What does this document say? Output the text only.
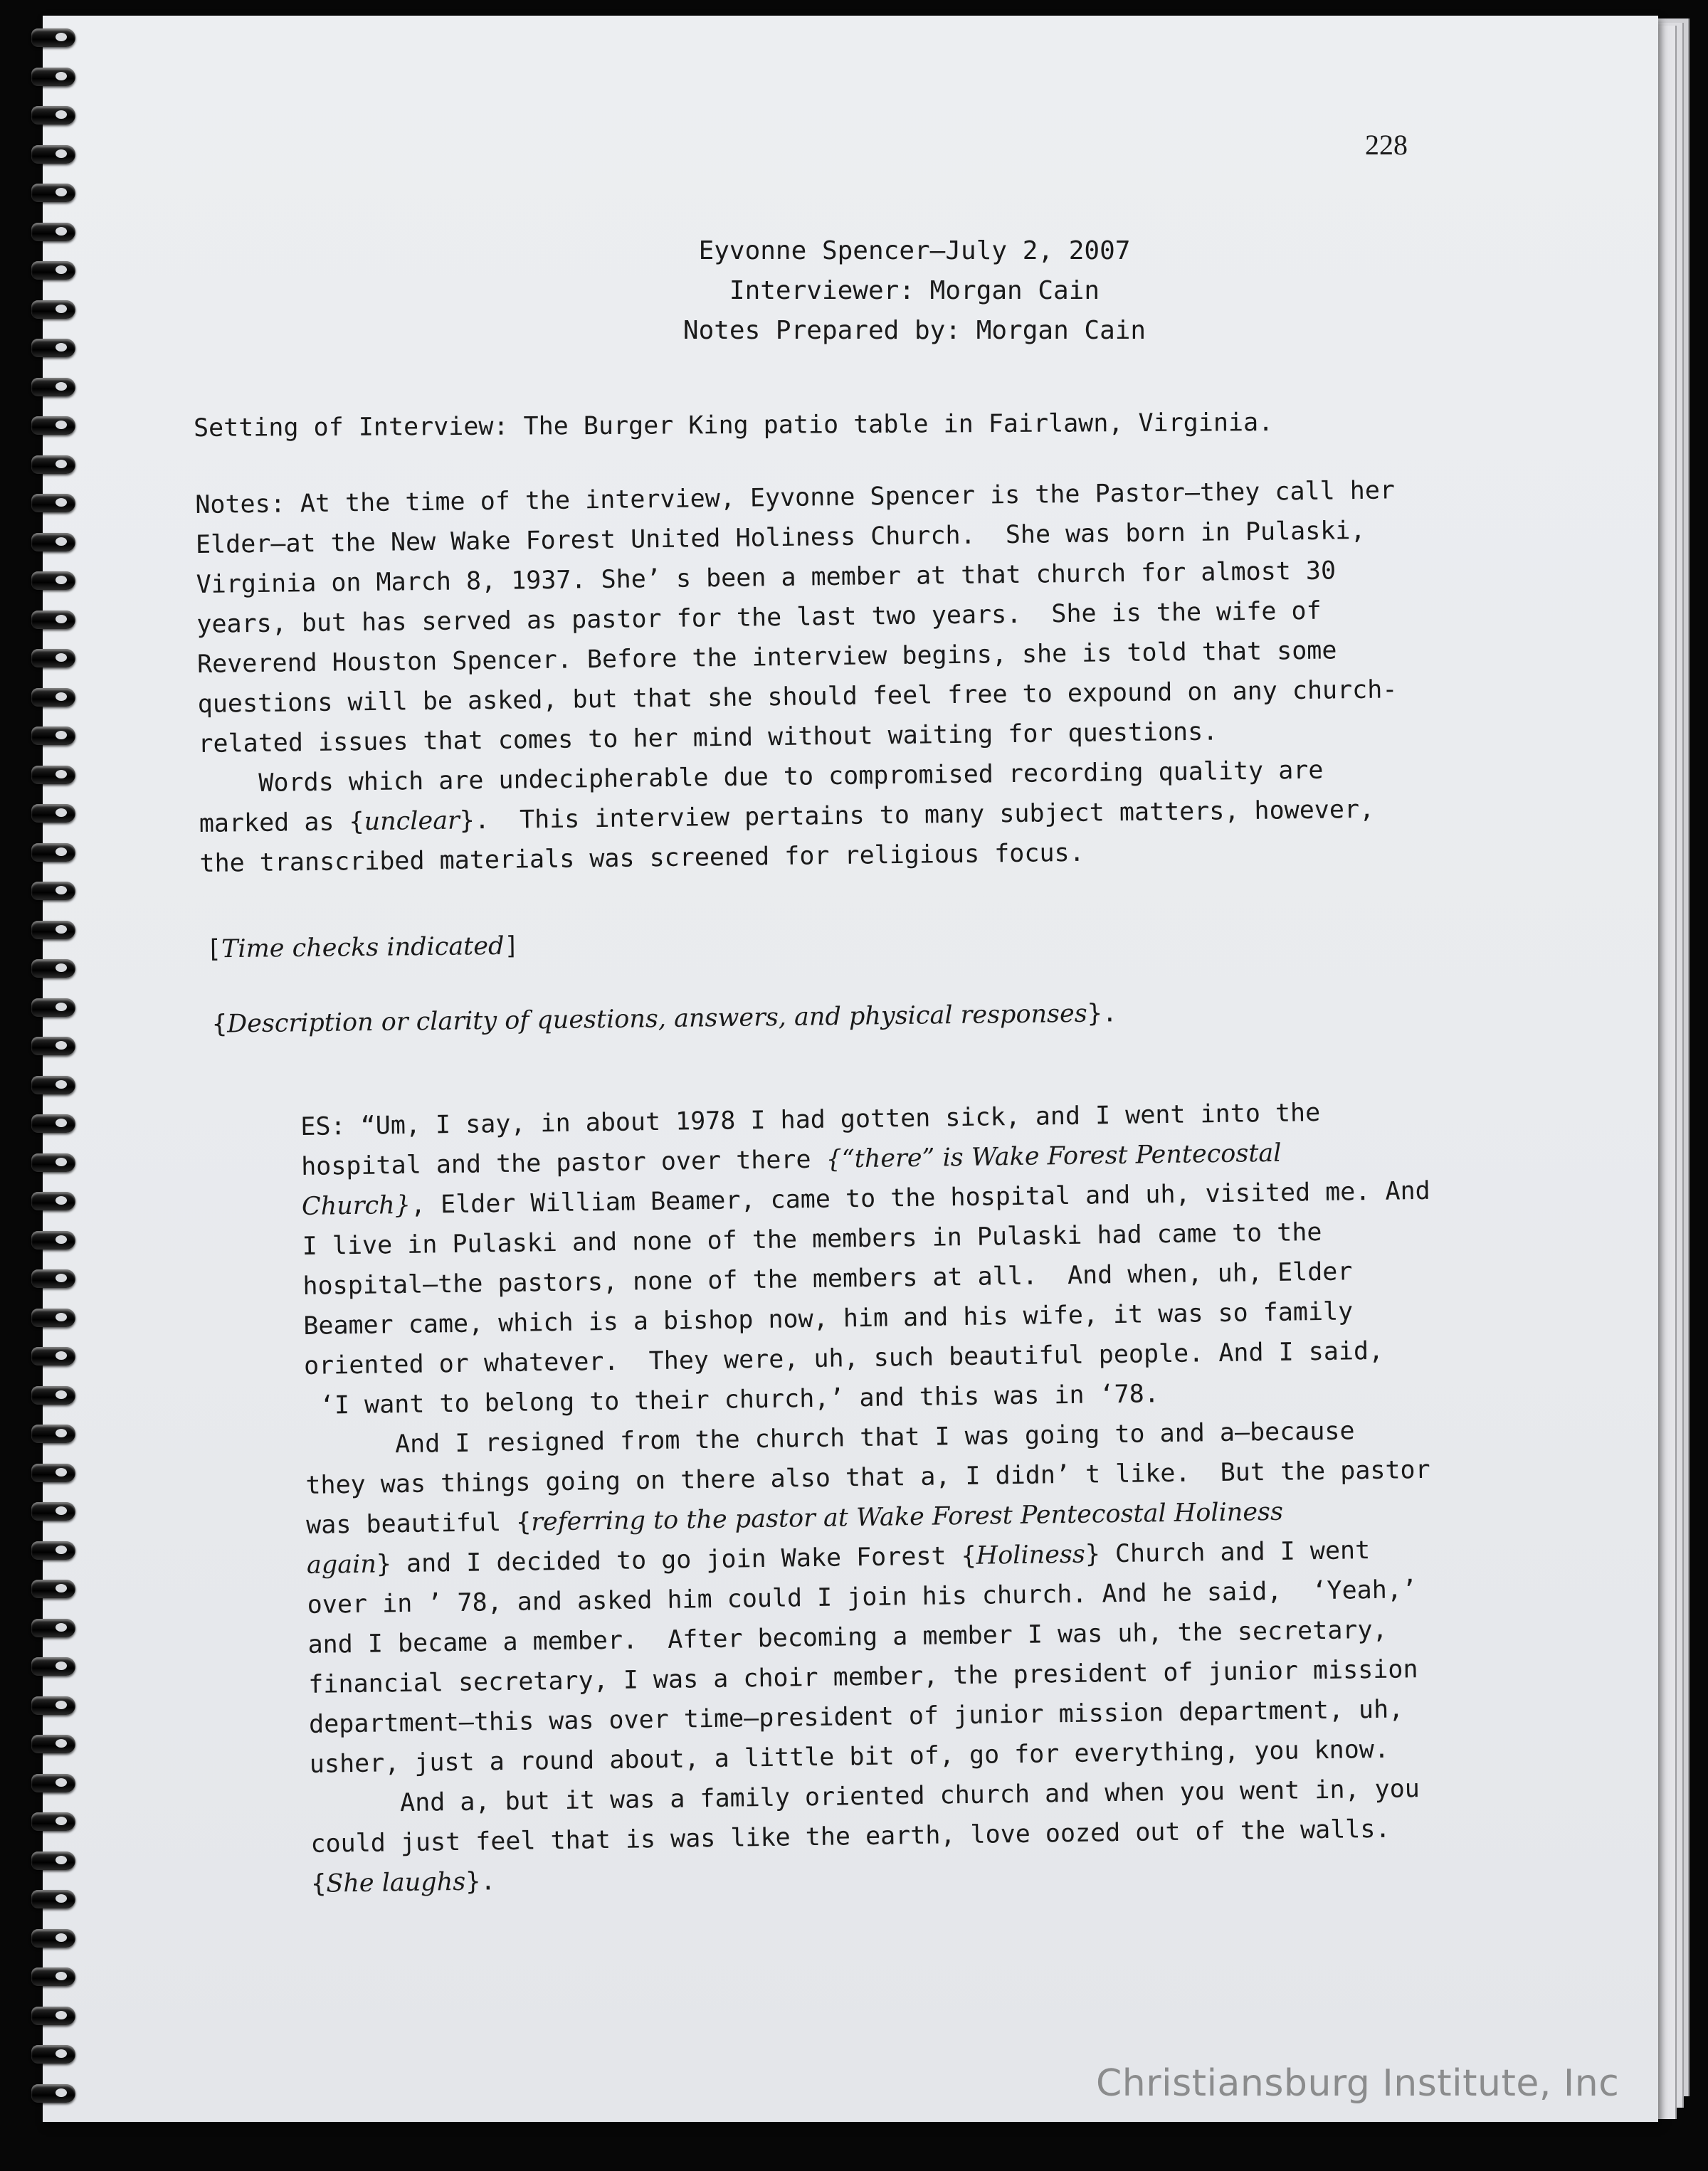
228
Eyvonne Spencer—July 2, 2007
Interviewer: Morgan Cain
Notes Prepared by: Morgan Cain
Setting of Interview: The Burger King patio table in Fairlawn, Virginia.
Notes: At the time of the interview, Eyvonne Spencer is the Pastor—they call her
Elder—at the New Wake Forest United Holiness Church.  She was born in Pulaski,
Virginia on March 8, 1937. She’ s been a member at that church for almost 30
years, but has served as pastor for the last two years.  She is the wife of
Reverend Houston Spencer. Before the interview begins, she is told that some
questions will be asked, but that she should feel free to expound on any church-
related issues that comes to her mind without waiting for questions.
Words which are undecipherable due to compromised recording quality are
marked as {unclear}.  This interview pertains to many subject matters, however,
the transcribed materials was screened for religious focus.
[Time checks indicated]
{Description or clarity of questions, answers, and physical responses}.
ES: “Um, I say, in about 1978 I had gotten sick, and I went into the
hospital and the pastor over there {“there” is Wake Forest Pentecostal
Church}, Elder William Beamer, came to the hospital and uh, visited me. And
I live in Pulaski and none of the members in Pulaski had came to the
hospital—the pastors, none of the members at all.  And when, uh, Elder
Beamer came, which is a bishop now, him and his wife, it was so family
oriented or whatever.  They were, uh, such beautiful people. And I said,
‘I want to belong to their church,’ and this was in ‘78.
And I resigned from the church that I was going to and a—because
they was things going on there also that a, I didn’ t like.  But the pastor
was beautiful {referring to the pastor at Wake Forest Pentecostal Holiness
again} and I decided to go join Wake Forest {Holiness} Church and I went
over in ’ 78, and asked him could I join his church. And he said,  ‘Yeah,’
and I became a member.  After becoming a member I was uh, the secretary,
financial secretary, I was a choir member, the president of junior mission
department—this was over time—president of junior mission department, uh,
usher, just a round about, a little bit of, go for everything, you know.
And a, but it was a family oriented church and when you went in, you
could just feel that is was like the earth, love oozed out of the walls.
{She laughs}.
Christiansburg Institute, Inc
